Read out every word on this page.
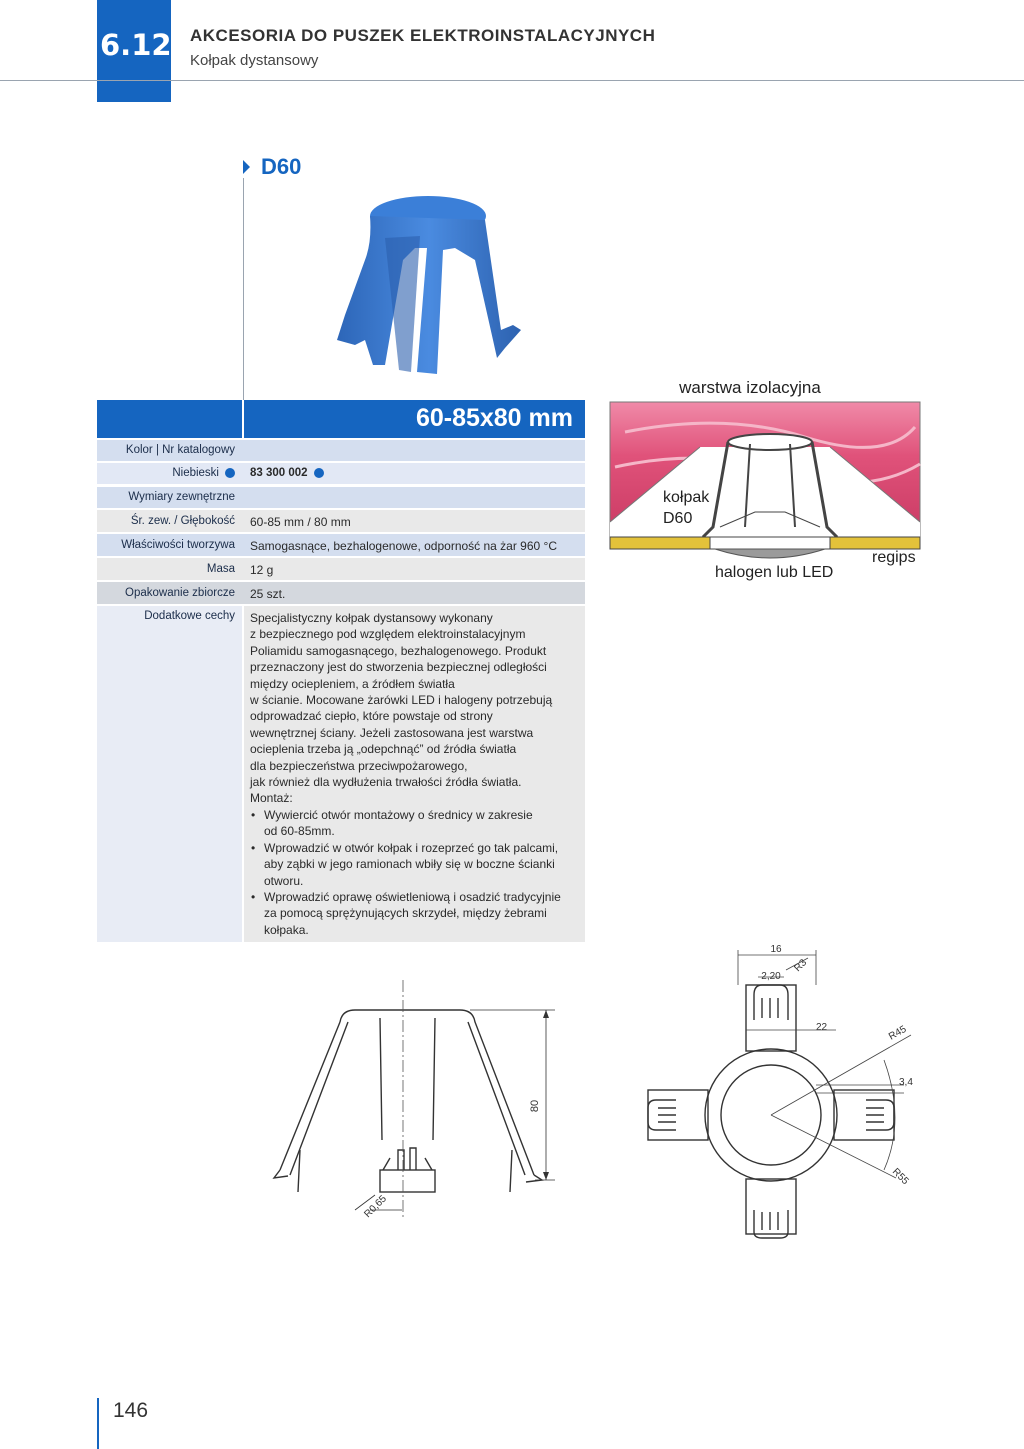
6.12 AKCESORIA DO PUSZEK ELEKTROINSTALACYJNYCH
Kołpak dystansowy
D60
60-85x80 mm
Kolor | Nr katalogowy
Niebieski	83 300 002
Wymiary zewnętrzne
Śr. zew. / Głębokość	60-85 mm / 80 mm
Właściwości tworzywa	Samogasnące, bezhalogenowe, odporność na żar 960 °C
Masa	12 g
Opakowanie zbiorcze	25 szt.
Dodatkowe cechy	Specjalistyczny kołpak dystansowy wykonany

z bezpiecznego pod względem elektroinstalacyjnym

Poliamidu samogasnącego, bezhalogenowego. Produkt

przeznaczony jest do stworzenia bezpiecznej odległości

między ociepleniem, a źródłem światła

w ścianie. Mocowane żarówki LED i halogeny potrzebują

odprowadzać ciepło, które powstaje od strony

wewnętrznej ściany. Jeżeli zastosowana jest warstwa

ocieplenia trzeba ją „odepchnąć” od źródła światła

dla bezpieczeństwa przeciwpożarowego,

jak również dla wydłużenia trwałości źródła światła.

Montaż:

• Wywiercić otwór montażowy o średnicy w zakresie

od 60-85mm.

• Wprowadzić w otwór kołpak i rozeprzeć go tak palcami,

aby ząbki w jego ramionach wbiły się w boczne ścianki

otworu.

• Wprowadzić oprawę oświetleniową i osadzić tradycyjnie

za pomocą sprężynujących skrzydeł, między żebrami

kołpaka.

warstwa izolacyjna
kołpak
D60
regips
halogen lub LED
80
R0,65
16
2,20
R3
22	R45
3,4
R55
146
